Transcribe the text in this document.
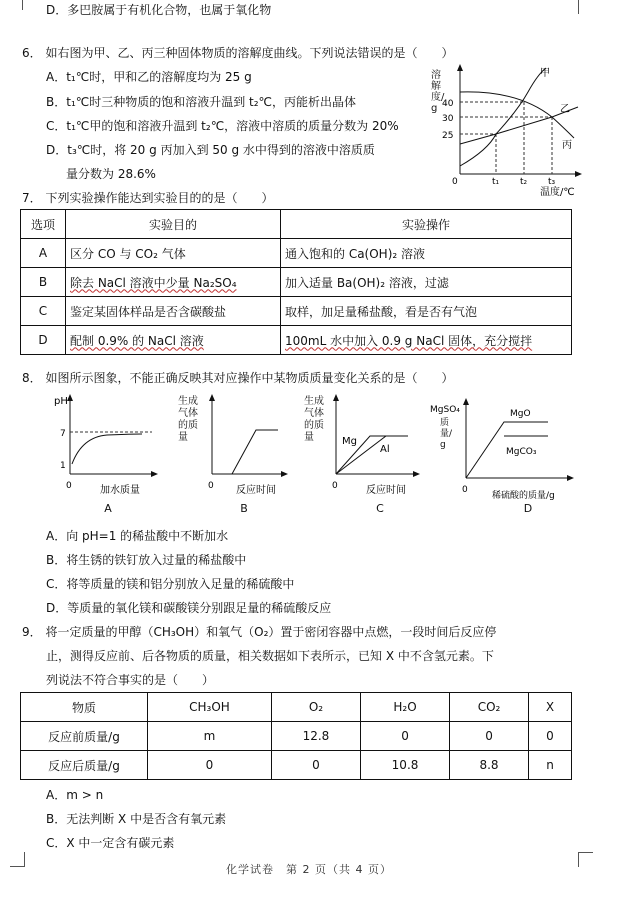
D．多巴胺属于有机化合物，也属于氧化物
6． 如右图为甲、乙、丙三种固体物质的溶解度曲线。下列说法错误的是（　　）
A．t₁℃时，甲和乙的溶解度均为 25 g
B．t₁℃时三种物质的饱和溶液升温到 t₂℃，丙能析出晶体
C．t₁℃甲的饱和溶液升温到 t₂℃，溶液中溶质的质量分数为 20%
D．t₃℃时，将 20 g 丙加入到 50 g 水中得到的溶液中溶质质
量分数为 28.6%
40
30
25
0	t₁ t₂ t₃
温度/℃
甲
乙
丙
溶解度/g
7． 下列实验操作能达到实验目的的是（　　）
选项	实验目的	实验操作
A	区分 CO 与 CO₂ 气体	通入饱和的 Ca(OH)₂ 溶液
B	除去 NaCl 溶液中少量 Na₂SO₄	加入适量 Ba(OH)₂ 溶液，过滤
C	鉴定某固体样品是否含碳酸盐	取样，加足量稀盐酸，看是否有气泡
D	配制 0.9% 的 NaCl 溶液	100mL 水中加入 0.9 g NaCl 固体，充分搅拌
8． 如图所示图象，不能正确反映其对应操作中某物质质量变化关系的是（　　）
pH
7
1
0	加水质量
A
0 反应时间
生成气体的质量
B
Mg
Al
0	反应时间
生成气体的质量
C
MgSO₄	MgO
MgCO₃
0
稀硫酸的质量/g
质量/g
D
A．向 pH=1 的稀盐酸中不断加水
B．将生锈的铁钉放入过量的稀盐酸中
C．将等质量的镁和铝分别放入足量的稀硫酸中
D．等质量的氧化镁和碳酸镁分别跟足量的稀硫酸反应
9． 将一定质量的甲醇（CH₃OH）和氧气（O₂）置于密闭容器中点燃，一段时间后反应停
止，测得反应前、后各物质的质量，相关数据如下表所示，已知 X 中不含氢元素。下
列说法不符合事实的是（　　）
物质	CH₃OH	O₂	H₂O	CO₂	X
反应前质量/g	m	12.8	0	0	0
反应后质量/g	0	0	10.8	8.8	n
A．m > n
B．无法判断 X 中是否含有氧元素
C．X 中一定含有碳元素
化学试卷　第 2 页（共 4 页）
